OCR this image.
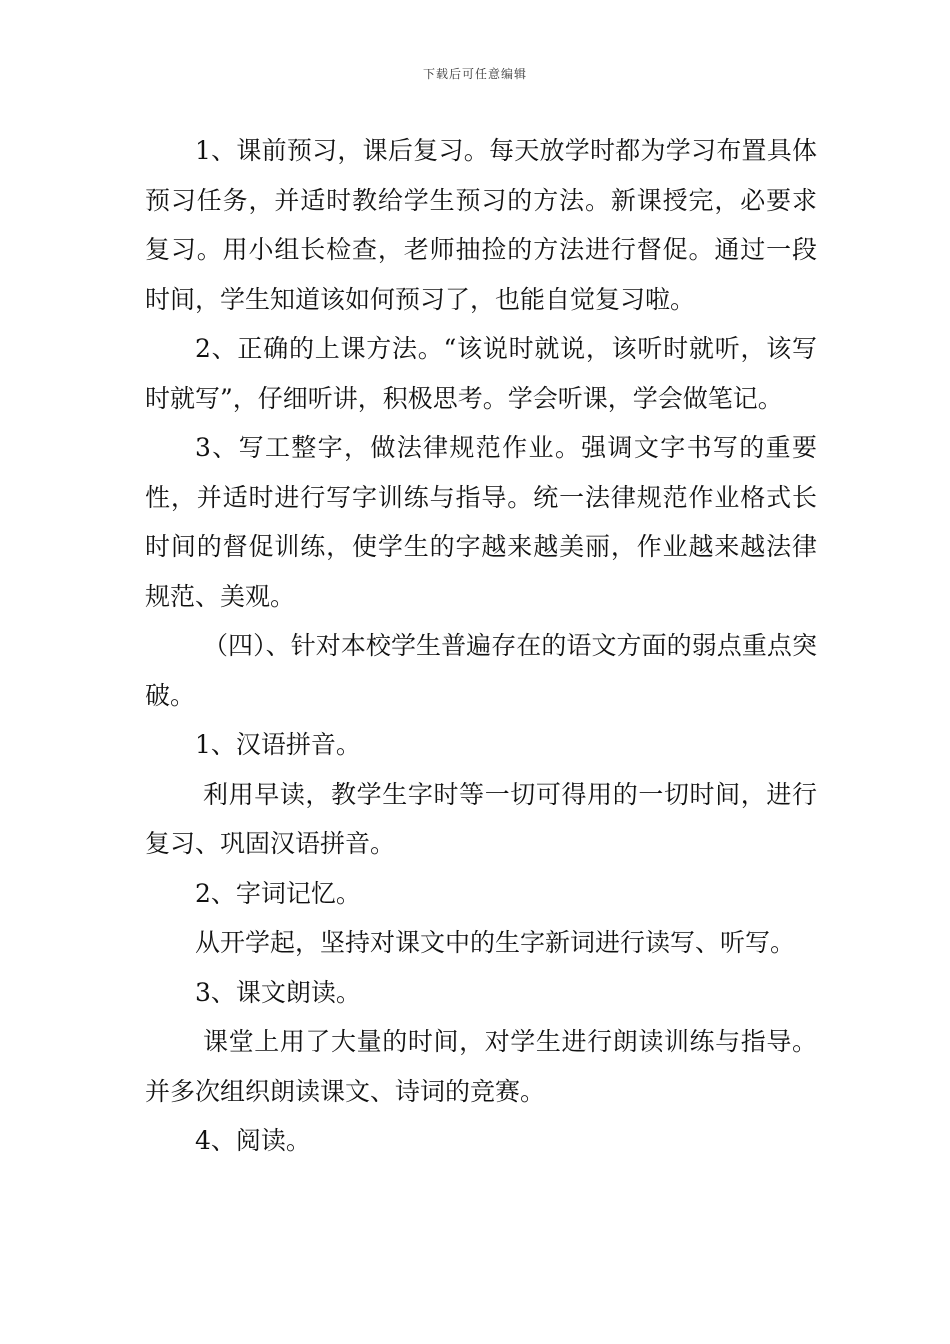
下载后可任意编辑

1、课前预习，课后复习。每天放学时都为学习布置具体预习任务，并适时教给学生预习的方法。新课授完，必要求复习。用小组长检查，老师抽捡的方法进行督促。通过一段时间，学生知道该如何预习了，也能自觉复习啦。

2、正确的上课方法。“该说时就说，该听时就听，该写时就写”，仔细听讲，积极思考。学会听课，学会做笔记。

3、写工整字，做法律规范作业。强调文字书写的重要性，并适时进行写字训练与指导。统一法律规范作业格式长时间的督促训练，使学生的字越来越美丽，作业越来越法律规范、美观。

（四）、针对本校学生普遍存在的语文方面的弱点重点突破。

1、汉语拼音。

利用早读，教学生字时等一切可得用的一切时间，进行复习、巩固汉语拼音。

2、字词记忆。

从开学起，坚持对课文中的生字新词进行读写、听写。

3、课文朗读。

课堂上用了大量的时间，对学生进行朗读训练与指导。并多次组织朗读课文、诗词的竞赛。

4、阅读。
